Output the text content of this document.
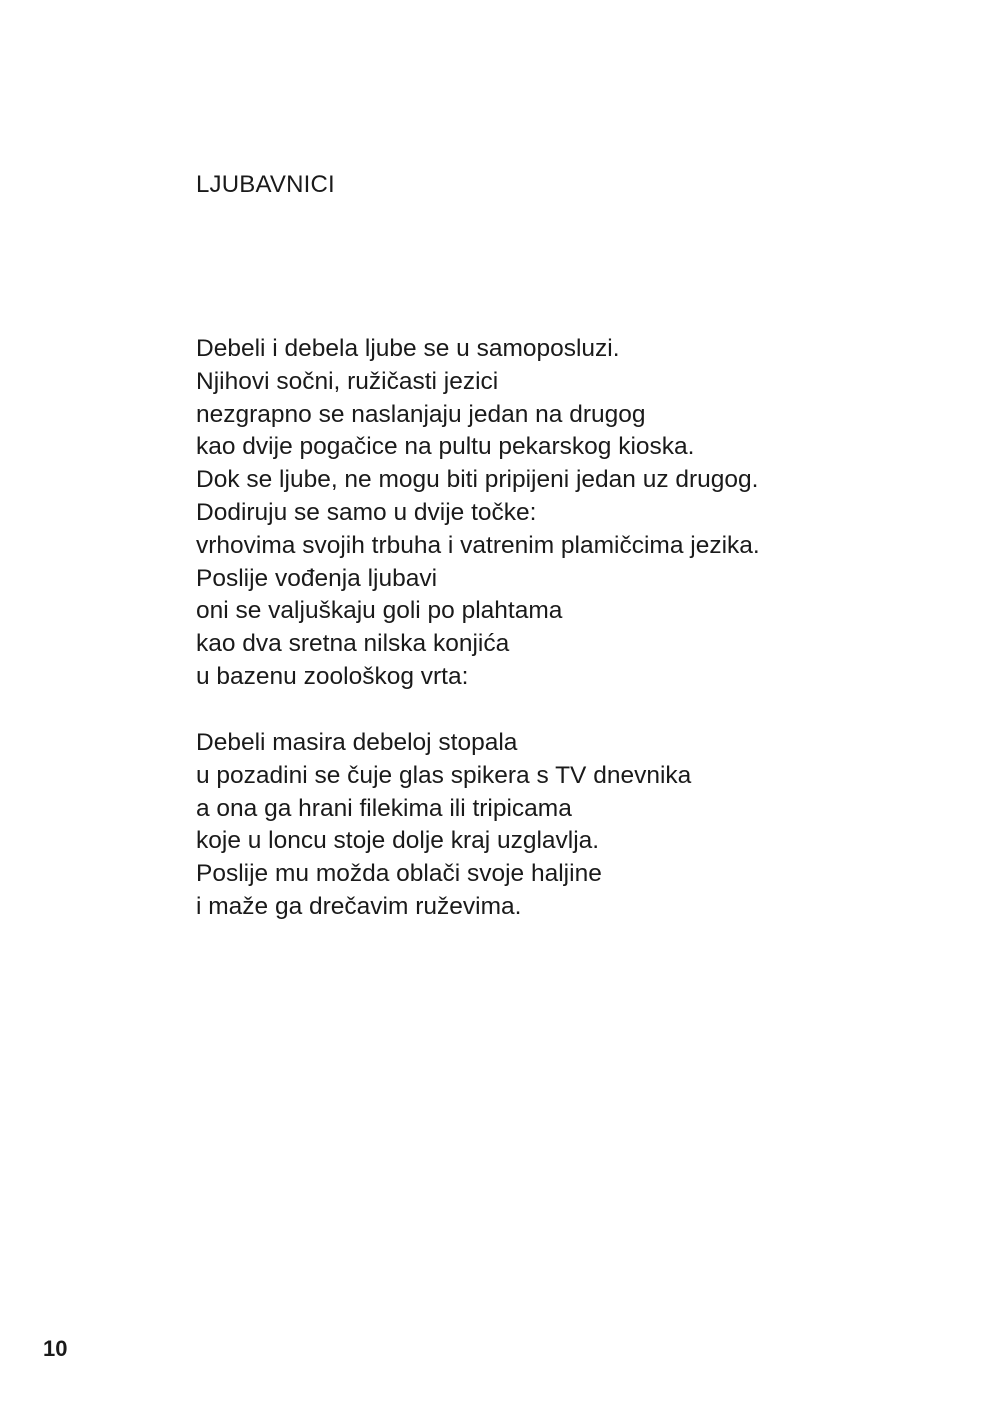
LJUBAVNICI
Debeli i debela ljube se u samoposluzi.
Njihovi sočni, ružičasti jezici
nezgrapno se naslanjaju jedan na drugog
kao dvije pogačice na pultu pekarskog kioska.
Dok se ljube, ne mogu biti pripijeni jedan uz drugog.
Dodiruju se samo u dvije točke:
vrhovima svojih trbuha i vatrenim plamičcima jezika.
Poslije vođenja ljubavi
oni se valjuškaju goli po plahtama
kao dva sretna nilska konjića
u bazenu zoološkog vrta:
Debeli masira debeloj stopala
u pozadini se čuje glas spikera s TV dnevnika
a ona ga hrani filekima ili tripicama
koje u loncu stoje dolje kraj uzglavlja.
Poslije mu možda oblači svoje haljine
i maže ga drečavim ruževima.
10
